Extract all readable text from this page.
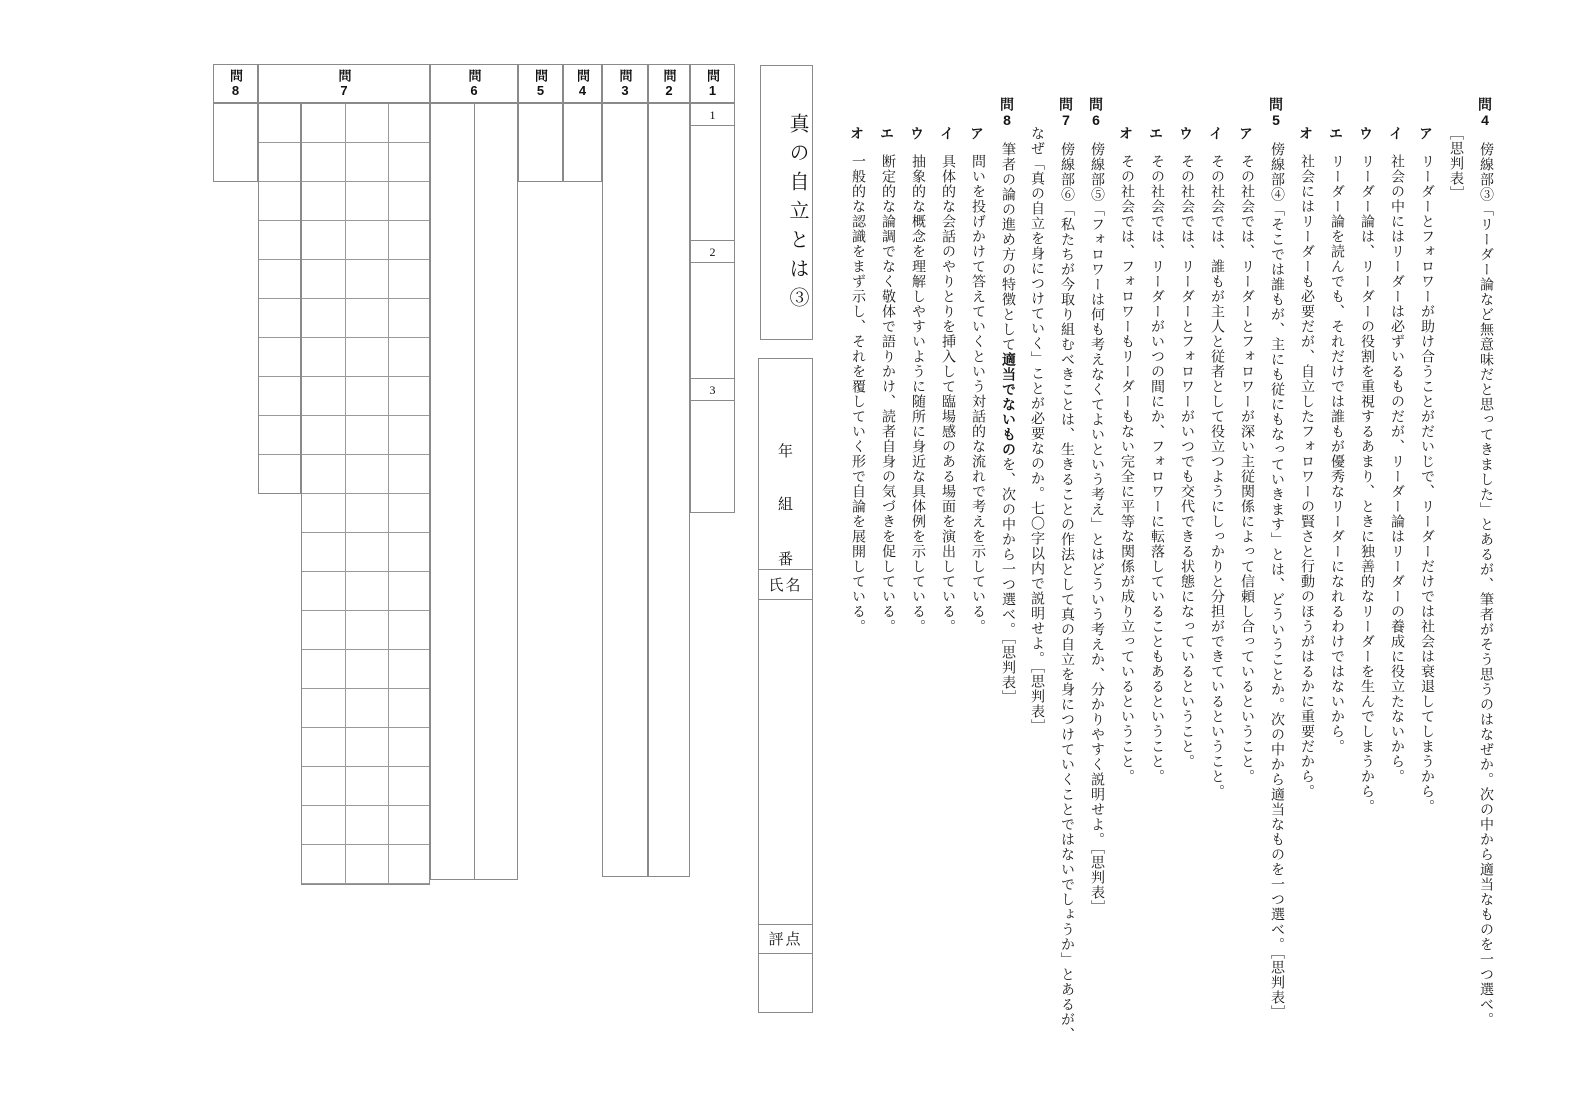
問8
問7
問6
問5
問4
問3
問2
問1
1
2
3
真の自立とは③
年
組
番
氏名
評点

問4傍線部③「リーダー論など無意味だと思ってきました」とあるが、筆者がそう思うのはなぜか。次の中から適当なものを一つ選べ。

［思判表］

アリーダーとフォロワーが助け合うことがだいじで、リーダーだけでは社会は衰退してしまうから。

イ社会の中にはリーダーは必ずいるものだが、リーダー論はリーダーの養成に役立たないから。

ウリーダー論は、リーダーの役割を重視するあまり、ときに独善的なリーダーを生んでしまうから。

エリーダー論を読んでも、それだけでは誰もが優秀なリーダーになれるわけではないから。

オ社会にはリーダーも必要だが、自立したフォロワーの賢さと行動のほうがはるかに重要だから。

問5傍線部④「そこでは誰もが、主にも従にもなっていきます」とは、どういうことか。次の中から適当なものを一つ選べ。［思判表］

アその社会では、リーダーとフォロワーが深い主従関係によって信頼し合っているということ。

イその社会では、誰もが主人と従者として役立つようにしっかりと分担ができているということ。

ウその社会では、リーダーとフォロワーがいつでも交代できる状態になっているということ。

エその社会では、リーダーがいつの間にか、フォロワーに転落していることもあるということ。

オその社会では、フォロワーもリーダーもない完全に平等な関係が成り立っているということ。

問6傍線部⑤「フォロワーは何も考えなくてよいという考え」とはどういう考えか、分かりやすく説明せよ。［思判表］

問7傍線部⑥「私たちが今取り組むべきことは、生きることの作法として真の自立を身につけていくことではないでしょうか」とあるが、なぜ「真の自立を身につけていく」ことが必要なのか。七〇字以内で説明せよ。［思判表］

問8筆者の論の進め方の特徴として適当でないものを、次の中から一つ選べ。［思判表］

ア問いを投げかけて答えていくという対話的な流れで考えを示している。

イ具体的な会話のやりとりを挿入して臨場感のある場面を演出している。

ウ抽象的な概念を理解しやすいように随所に身近な具体例を示している。

エ断定的な論調でなく敬体で語りかけ、読者自身の気づきを促している。

オ一般的な認識をまず示し、それを覆していく形で自論を展開している。
